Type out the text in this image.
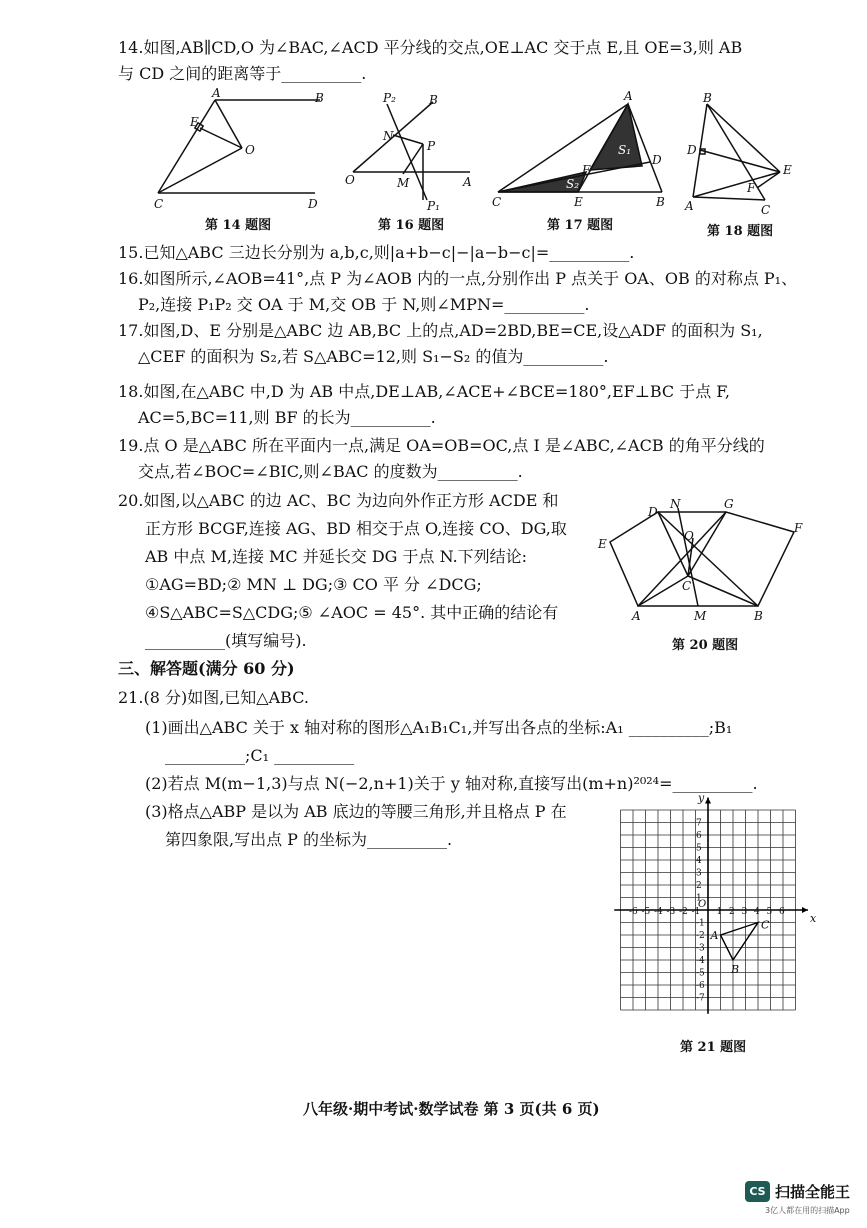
14.如图,AB∥CD,O 为∠BAC,∠ACD 平分线的交点,OE⊥AC 交于点 E,且 OE=3,则 AB
与 CD 之间的距离等于__________.
A	B
E
O
C	D
第 14 题图
P₂	B
N
P
O	M	A
P₁
第 16 题图
A
S₁
D
F
S₂
C	E	B
第 17 题图
B
D
E
F
A	C
第 18 题图
15.已知△ABC 三边长分别为 a,b,c,则|a+b−c|−|a−b−c|=__________.
16.如图所示,∠AOB=41°,点 P 为∠AOB 内的一点,分别作出 P 点关于 OA、OB 的对称点 P₁、
P₂,连接 P₁P₂ 交 OA 于 M,交 OB 于 N,则∠MPN=__________.
17.如图,D、E 分别是△ABC 边 AB,BC 上的点,AD=2BD,BE=CE,设△ADF 的面积为 S₁,
△CEF 的面积为 S₂,若 S△ABC=12,则 S₁−S₂ 的值为__________.
18.如图,在△ABC 中,D 为 AB 中点,DE⊥AB,∠ACE+∠BCE=180°,EF⊥BC 于点 F,
AC=5,BC=11,则 BF 的长为__________.
19.点 O 是△ABC 所在平面内一点,满足 OA=OB=OC,点 I 是∠ABC,∠ACB 的角平分线的
交点,若∠BOC=∠BIC,则∠BAC 的度数为__________.
20.如图,以△ABC 的边 AC、BC 为边向外作正方形 ACDE 和
正方形 BCGF,连接 AG、BD 相交于点 O,连接 CO、DG,取
AB 中点 M,连接 MC 并延长交 DG 于点 N.下列结论:
①AG=BD;② MN ⊥ DG;③ CO 平 分 ∠DCG;
④S△ABC=S△CDG;⑤ ∠AOC = 45°. 其中正确的结论有
__________(填写编号).
D
N	G
F
E
O
C
A	M	B
第 20 题图
三、解答题(满分 60 分)
21.(8 分)如图,已知△ABC.
(1)画出△ABC 关于 x 轴对称的图形△A₁B₁C₁,并写出各点的坐标:A₁ __________;B₁
__________;C₁ __________
(2)若点 M(m−1,3)与点 N(−2,n+1)关于 y 轴对称,直接写出(m+n)²⁰²⁴=__________.
(3)格点△ABP 是以为 AB 底边的等腰三角形,并且格点 P 在
第四象限,写出点 P 的坐标为__________.
x
y
O
-6 -5 -4 -3 -2 -1 1 2 3 4 5 6
7
6
5
4
3
2
1
-1
-2
-3
-4
-5
-6
-7
A
B
C
第 21 题图
八年级·期中考试·数学试卷 第 3 页(共 6 页)
CS 扫描全能王
3亿人都在用的扫描App
